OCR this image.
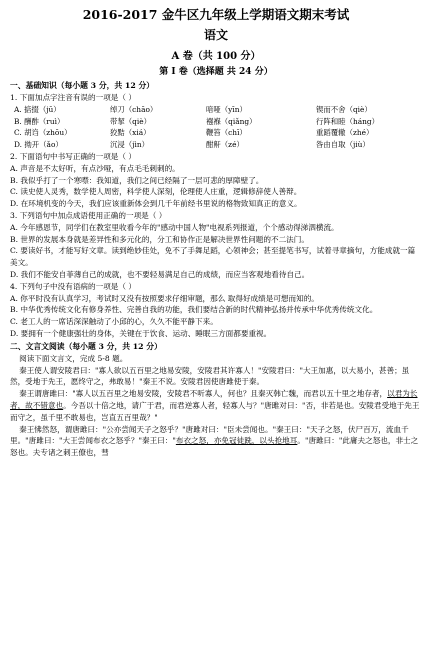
2016-2017 金牛区九年级上学期语文期末考试
语文
A 卷（共 100 分）
第 I 卷（选择题 共 24 分）
一、基础知识（每小题 3 分，共 12 分）
1. 下面加点字注音有误的一项是（ ）
A. 掂掇（jū）	绰刀（chāo）	喑哑（yīn）	锲而不舍（qiè）
B. 酬酢（ruì）	带挈（qiè）	襁褓（qiǎng）	行阵和睦（háng）
C. 胡诌（zhōu）	狡黠（xiá）	鞭笞（chī）	重蹈覆辙（zhé）
D. 拗开（ǎo）	沉浸（jìn）	酣鼾（zé）	咎由自取（jiù）
2. 下面语句中书写正确的一项是（ ）
A. 声音是不太好听，有点沙哑，有点毛毛刺刺的。
B. 我似乎打了一个寒噤：我知道，我们之间已经隔了一层可悲的厚障壁了。
C. 读史使人灵秀，数学使人周密，科学使人深刻，伦理使人庄重，逻辑修辞使人善辩。
D. 在环境机变的今天，我们应该重新体会到几千年前经书里说的格物致知真正的意义。
3. 下列语句中加点成语使用正确的一项是（ ）
A. 今年感恩节，同学们在教室里收看今年的"感动中国人物"电视系列报道，个个感动得涕泗横流。
B. 世界的发展本身就是差异性和多元化的，分工和协作正是解决世界性问题的不二法门。
C. 要读好书，才能写好文章。读到绝妙佳处，免不了手舞足蹈，心领神会；甚至提笔书写，试着寻章摘句，方能成就一篇美文。
D. 我们不能安自菲薄自己的成就，也不要轻易满足自己的成绩，而应当客观地看待自己。
4. 下列句子中没有语病的一项是（ ）
A. 你平时没有认真学习，考试时又没有按照要求仔细审题，那么 取得好成绩是可想而知的。
B. 中华优秀传统文化有修身养性、完善自我的功能，我们要结合新的时代精神弘扬并传承中华优秀传统文化。
C. 老工人的一席话深深触动了小邱的心，久久不能平静下来。
D. 要拥有一个健康强壮的身体，关键在于饮食、运动、睡眠三方面都要重视。
二、文言文阅读（每小题 3 分，共 12 分）
阅读下面文言文，完成 5-8 题。
秦王使人谓安陵君曰："寡人欲以五百里之地易安陵，安陵君其许寡人！"安陵君曰："大王加惠，以大易小，甚善；虽然，受地于先王，愿终守之，弗敢易！"秦王不说。安陵君因使唐雎使于秦。
秦王谓唐雎曰："寡人以五百里之地易安陵，安陵君不听寡人，何也？且秦灭韩亡魏，而君以五十里之地存者，以君为长者，故不错意也。今吾以十倍之地，请广于君，而君逆寡人者，轻寡人与？"唐雎对曰："否，非若是也。安陵君受地于先王而守之，虽千里不敢易也，岂直五百里哉？"
秦王怫然怒，谓唐雎曰："公亦尝闻天子之怒乎？"唐雎对曰："臣未尝闻也。"秦王曰："天子之怒，伏尸百万，流血千里。"唐雎曰："大王尝闻布衣之怒乎？"秦王曰："布衣之怒，亦免冠徒跣，以头抢地耳。"唐雎曰："此庸夫之怒也，非士之怒也。夫专诸之刺王僚也，彗
